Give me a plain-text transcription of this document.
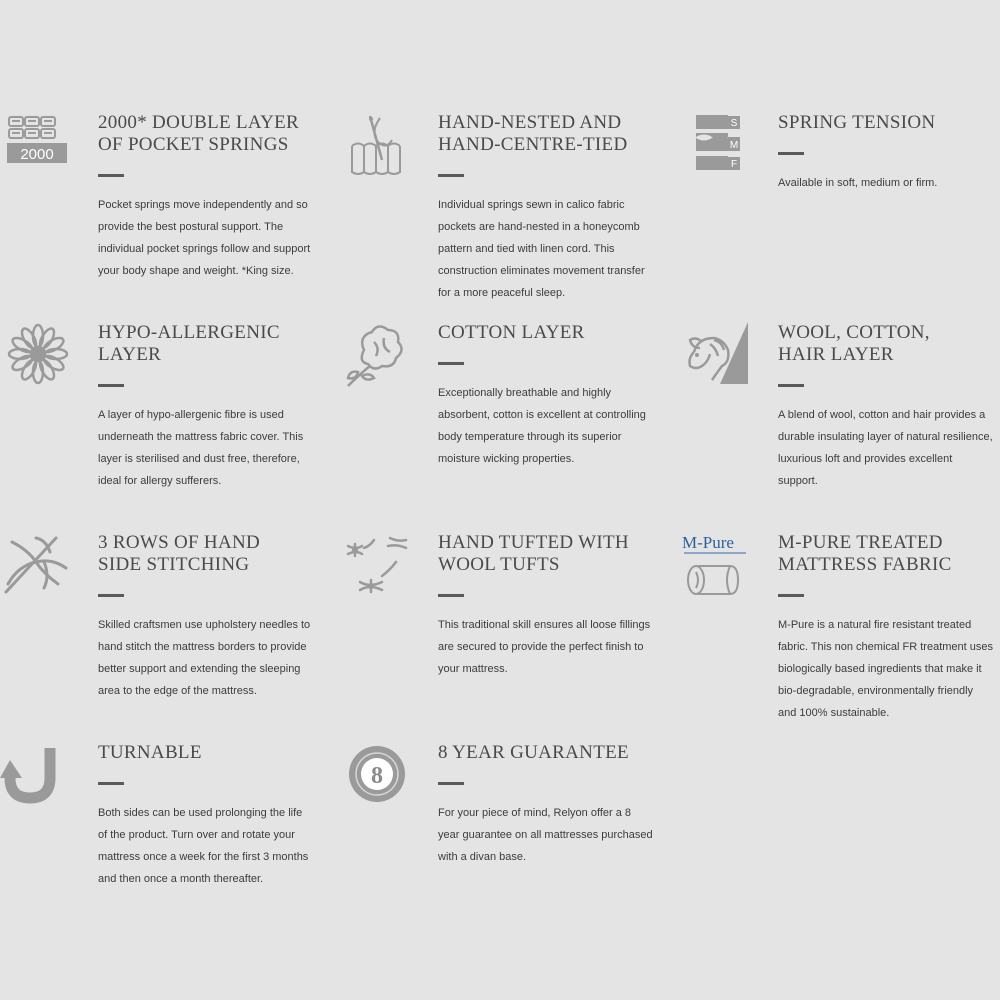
2000
2000* DOUBLE LAYER
OF POCKET SPRINGS

Pocket springs move independently and so provide the best postural support. The individual pocket springs follow and support your body shape and weight. *King size.

HAND-NESTED AND
HAND-CENTRE-TIED

Individual springs sewn in calico fabric pockets are hand-nested in a honeycomb pattern and tied with linen cord. This construction eliminates movement transfer for a more peaceful sleep.

S
M
F
SPRING TENSION

Available in soft, medium or firm.

HYPO-ALLERGENIC
LAYER

A layer of hypo-allergenic fibre is used underneath the mattress fabric cover. This layer is sterilised and dust free, therefore, ideal for allergy sufferers.

COTTON LAYER

Exceptionally breathable and highly absorbent, cotton is excellent at controlling body temperature through its superior moisture wicking properties.

WOOL, COTTON,
HAIR LAYER

A blend of wool, cotton and hair provides a durable insulating layer of natural resilience, luxurious loft and provides excellent support.

3 ROWS OF HAND
SIDE STITCHING

Skilled craftsmen use upholstery needles to hand stitch the mattress borders to provide better support and extending the sleeping area to the edge of the mattress.

HAND TUFTED WITH
WOOL TUFTS

This traditional skill ensures all loose fillings are secured to provide the perfect finish to your mattress.

M-Pure M-PURE TREATED
MATTRESS FABRIC

M-Pure is a natural fire resistant treated fabric. This non chemical FR treatment uses biologically based ingredients that make it bio-degradable, environmentally friendly and 100% sustainable.

TURNABLE

Both sides can be used prolonging the life of the product. Turn over and rotate your mattress once a week for the first 3 months and then once a month thereafter.

8
8 YEAR GUARANTEE

For your piece of mind, Relyon offer a 8 year guarantee on all mattresses purchased with a divan base.
